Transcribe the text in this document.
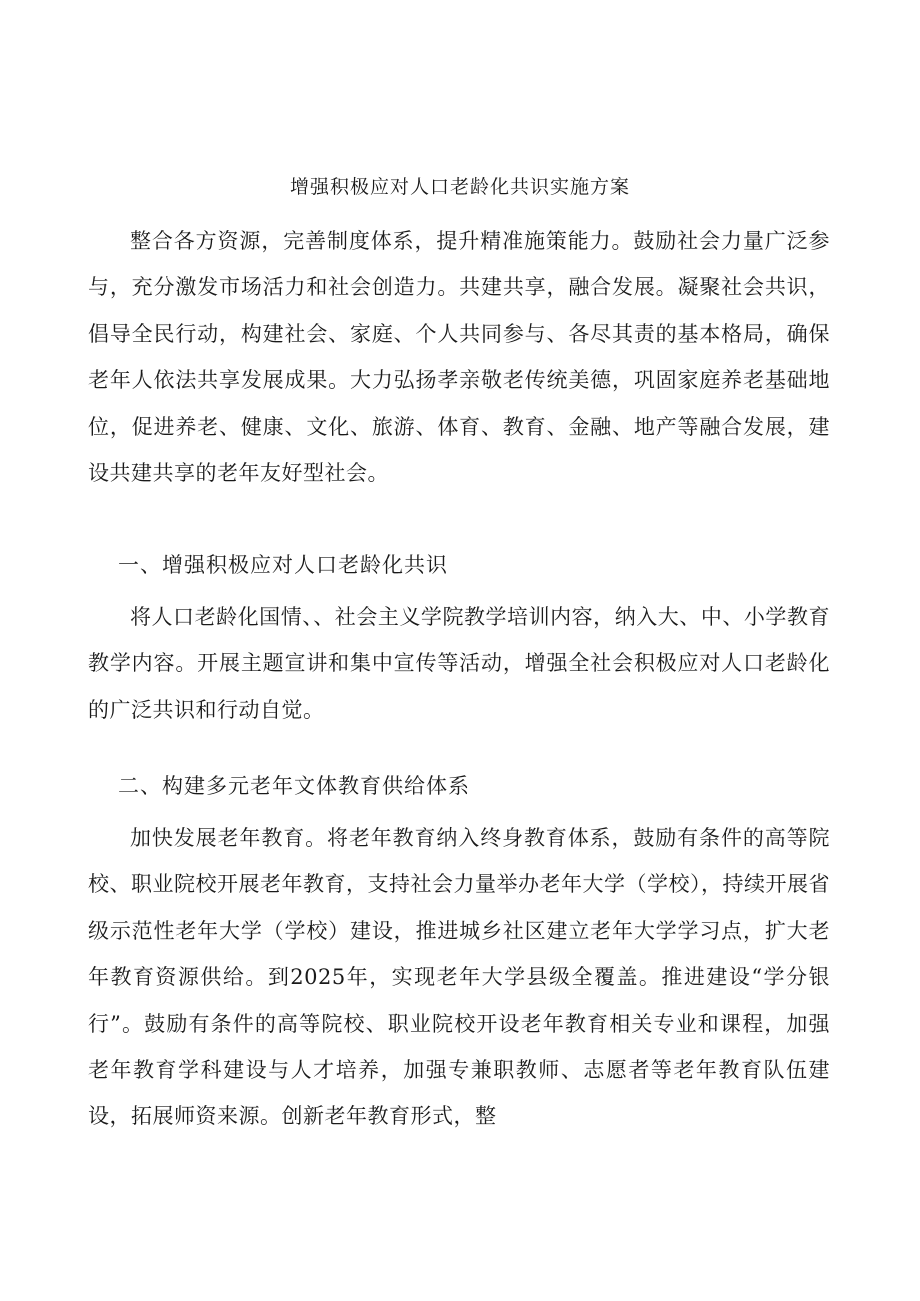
增强积极应对人口老龄化共识实施方案

整合各方资源，完善制度体系，提升精准施策能力。鼓励社会力量广泛参与，充分激发市场活力和社会创造力。共建共享，融合发展。凝聚社会共识，倡导全民行动，构建社会、家庭、个人共同参与、各尽其责的基本格局，确保老年人依法共享发展成果。大力弘扬孝亲敬老传统美德，巩固家庭养老基础地位，促进养老、健康、文化、旅游、体育、教育、金融、地产等融合发展，建设共建共享的老年友好型社会。

一、增强积极应对人口老龄化共识

将人口老龄化国情、、社会主义学院教学培训内容，纳入大、中、小学教育教学内容。开展主题宣讲和集中宣传等活动，增强全社会积极应对人口老龄化的广泛共识和行动自觉。

二、构建多元老年文体教育供给体系

加快发展老年教育。将老年教育纳入终身教育体系，鼓励有条件的高等院校、职业院校开展老年教育，支持社会力量举办老年大学（学校），持续开展省级示范性老年大学（学校）建设，推进城乡社区建立老年大学学习点，扩大老年教育资源供给。到2025年，实现老年大学县级全覆盖。推进建设“学分银行”。鼓励有条件的高等院校、职业院校开设老年教育相关专业和课程，加强老年教育学科建设与人才培养，加强专兼职教师、志愿者等老年教育队伍建设，拓展师资来源。创新老年教育形式，整
